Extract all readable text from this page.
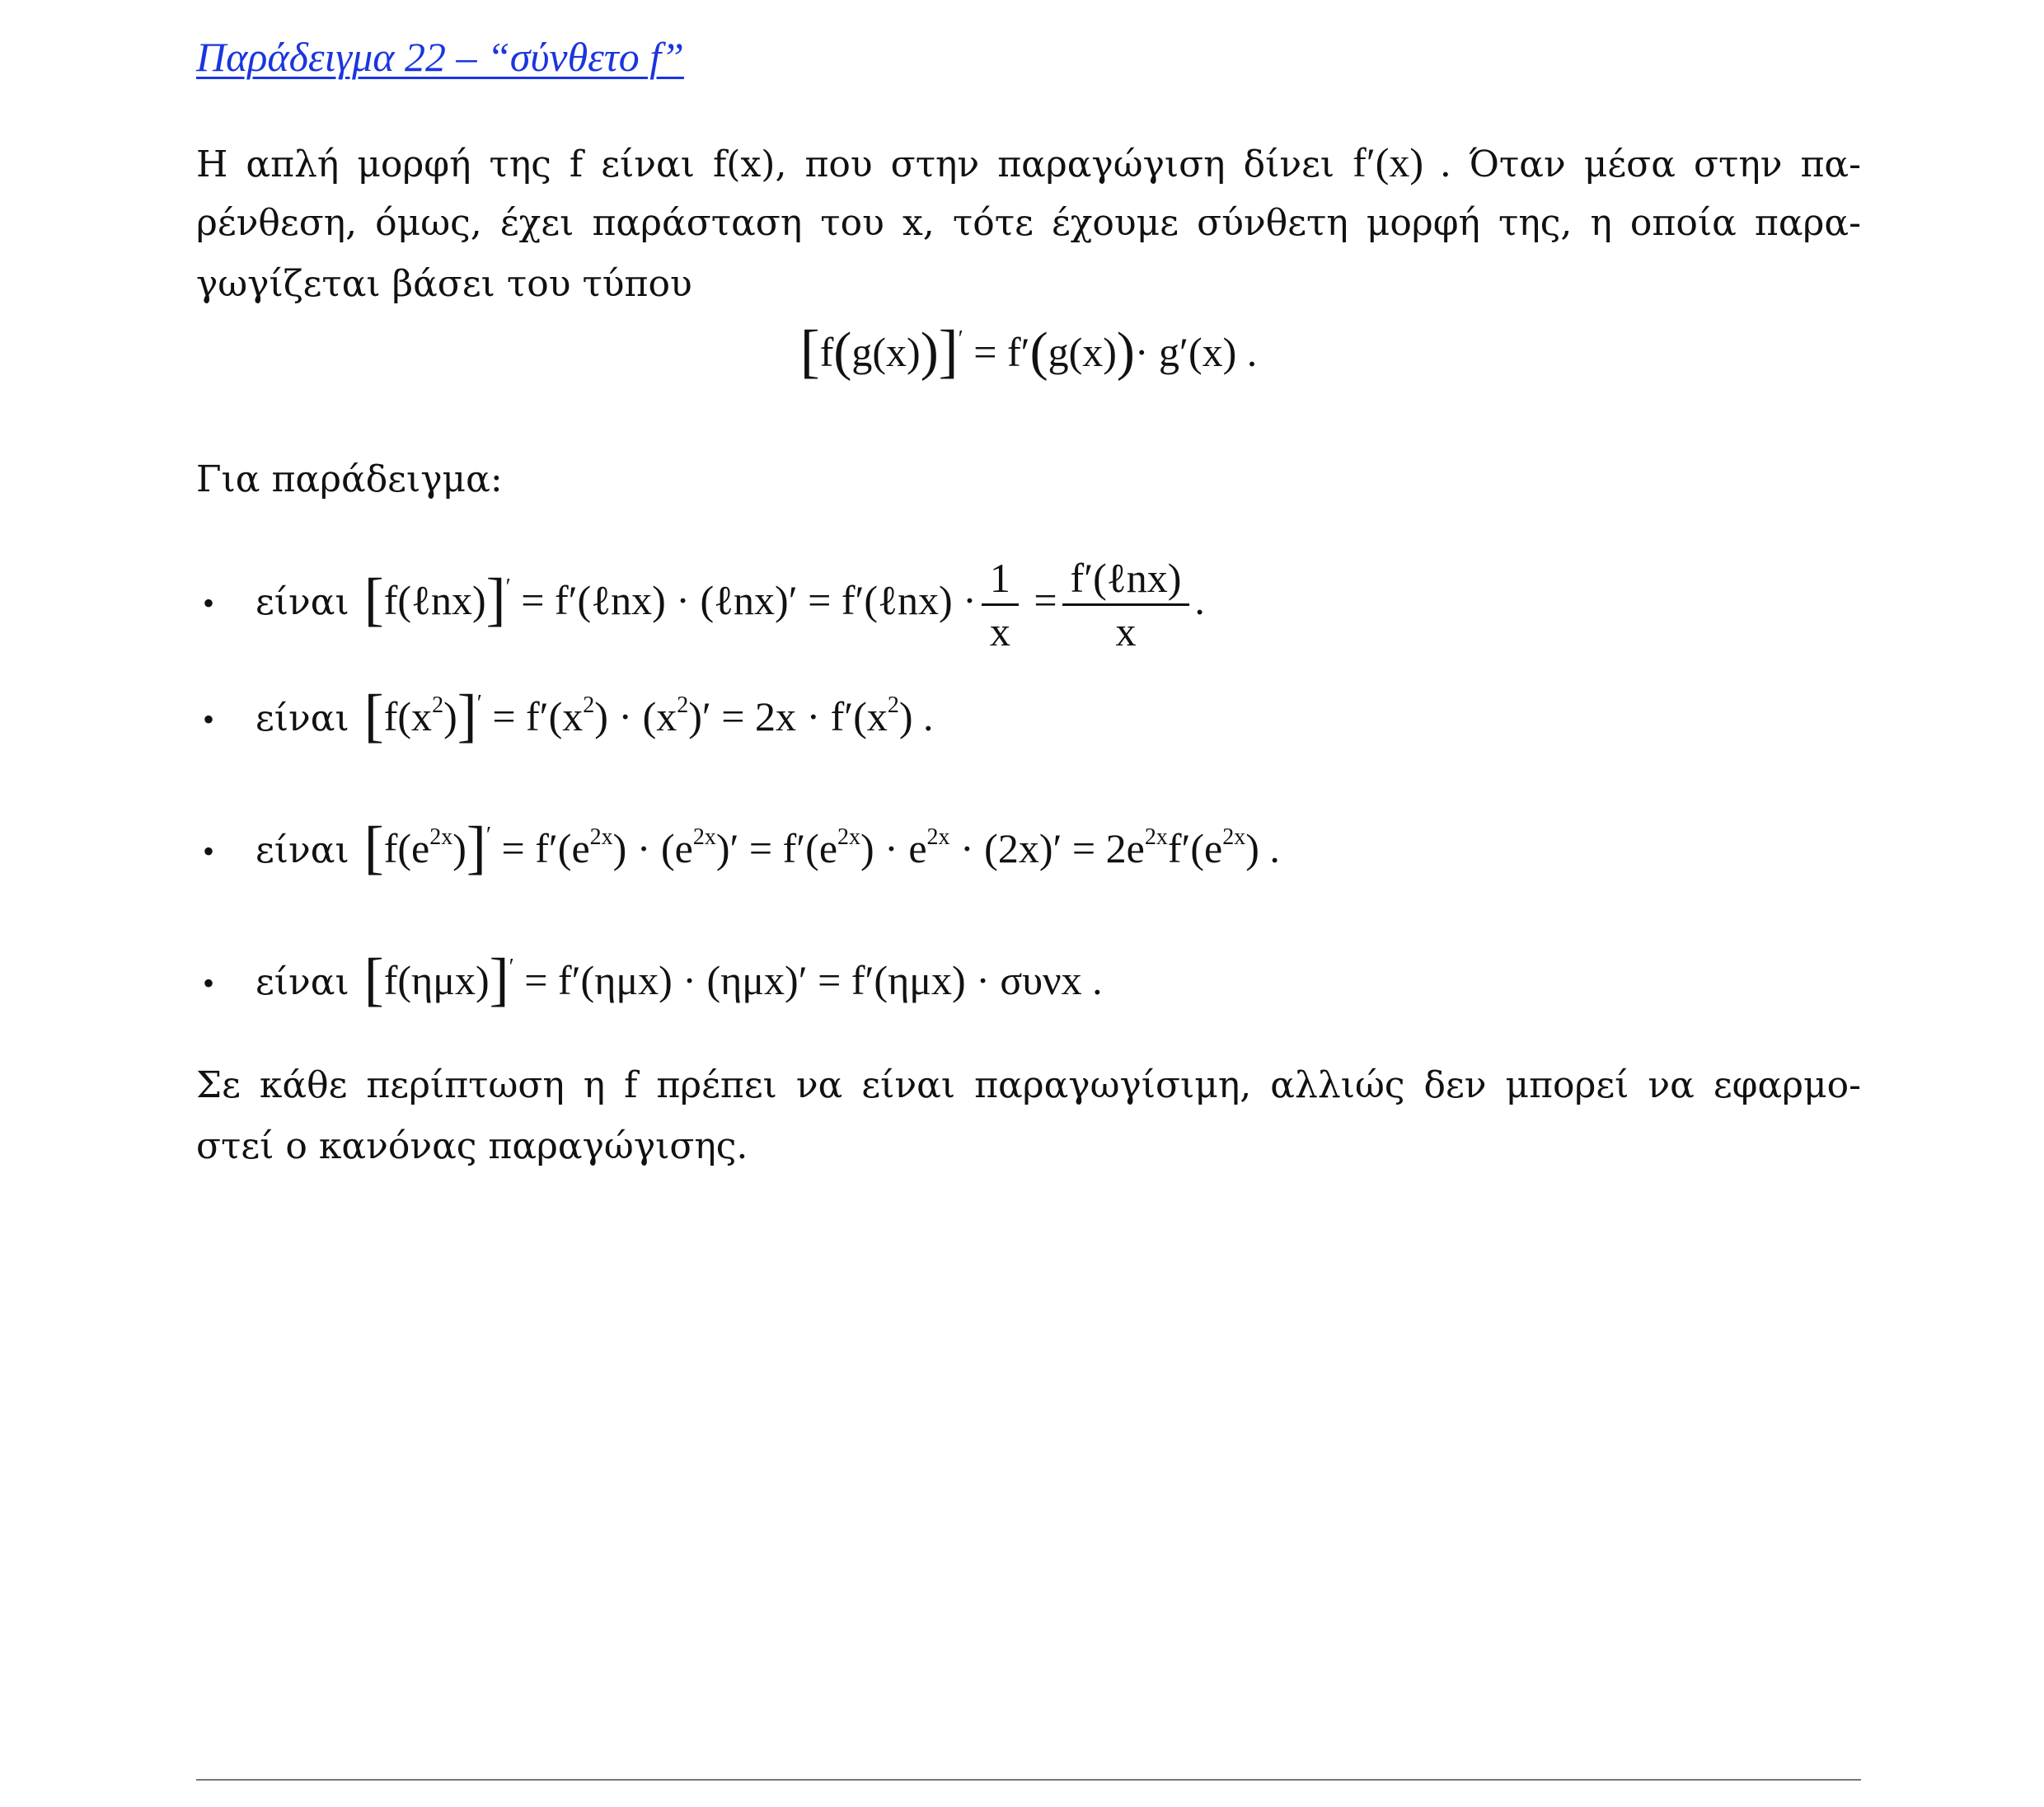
Παράδειγμα 22 – “σύνθετο f”
Η απλή μορφή της f είναι f(x), που στην παραγώγιση δίνει f′(x) . Όταν μέσα στην πα-
ρένθεση, όμως, έχει παράσταση του x, τότε έχουμε σύνθετη μορφή της, η οποία παρα-
γωγίζεται βάσει του τύπου
[f(g(x))]′ = f′(g(x))· g′(x) .
Για παράδειγμα:
• είναι [f(ℓnx)]′ = f′(ℓnx) · (ℓnx)′ = f′(ℓnx) · $\frac{1}{x} = \frac{\text{f′(ℓnx)}}{x}$ .
• είναι $[f(x^2)]' = f'(x^2) \cdot (x^2)' = 2x \cdot f'(x^2)$ .
• είναι $[f(e^{2x})]' = f'(e^{2x}) \cdot (e^{2x})' = f'(e^{2x}) \cdot e^{2x} \cdot (2x)' = 2e^{2x}f'(e^{2x})$ .
• είναι [f(ημx)]′ = f′(ημx) · (ημx)′ = f′(ημx) · συνx .
Σε κάθε περίπτωση η f πρέπει να είναι παραγωγίσιμη, αλλιώς δεν μπορεί να εφαρμο-
στεί ο κανόνας παραγώγισης.
